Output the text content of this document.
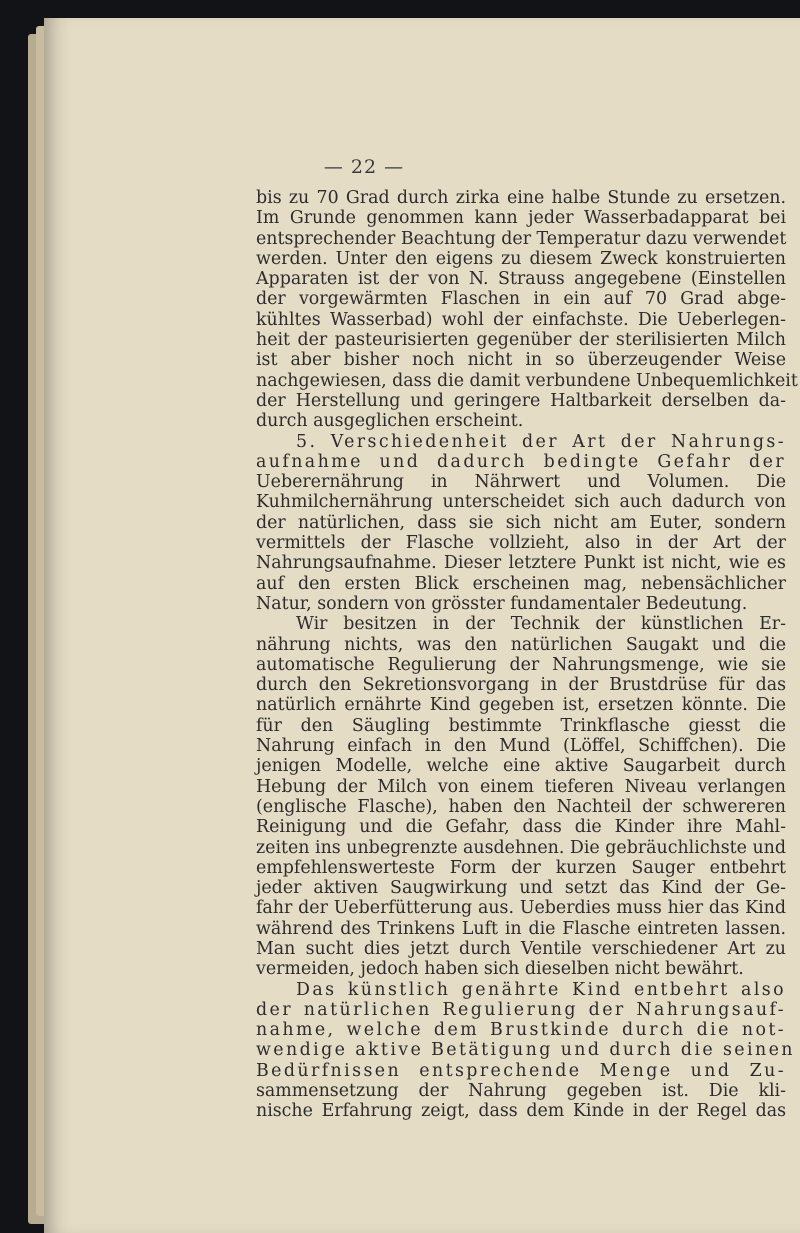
— 22 —
bis zu 70 Grad durch zirka eine halbe Stunde zu ersetzen.
Im Grunde genommen kann jeder Wasserbadapparat bei
entsprechender Beachtung der Temperatur dazu verwendet
werden. Unter den eigens zu diesem Zweck konstruierten
Apparaten ist der von N. Strauss angegebene (Einstellen
der vorgewärmten Flaschen in ein auf 70 Grad abge-
kühltes Wasserbad) wohl der einfachste. Die Ueberlegen-
heit der pasteurisierten gegenüber der sterilisierten Milch
ist aber bisher noch nicht in so überzeugender Weise
nachgewiesen, dass die damit verbundene Unbequemlichkeit
der Herstellung und geringere Haltbarkeit derselben da-
durch ausgeglichen erscheint.
5. Verschiedenheit der Art der Nahrungs-
aufnahme und dadurch bedingte Gefahr der
Ueberernährung in Nährwert und Volumen. Die
Kuhmilchernährung unterscheidet sich auch dadurch von
der natürlichen, dass sie sich nicht am Euter, sondern
vermittels der Flasche vollzieht, also in der Art der
Nahrungsaufnahme. Dieser letztere Punkt ist nicht, wie es
auf den ersten Blick erscheinen mag, nebensächlicher
Natur, sondern von grösster fundamentaler Bedeutung.
Wir besitzen in der Technik der künstlichen Er-
nährung nichts, was den natürlichen Saugakt und die
automatische Regulierung der Nahrungsmenge, wie sie
durch den Sekretionsvorgang in der Brustdrüse für das
natürlich ernährte Kind gegeben ist, ersetzen könnte. Die
für den Säugling bestimmte Trinkflasche giesst die
Nahrung einfach in den Mund (Löffel, Schiffchen). Die
jenigen Modelle, welche eine aktive Saugarbeit durch
Hebung der Milch von einem tieferen Niveau verlangen
(englische Flasche), haben den Nachteil der schwereren
Reinigung und die Gefahr, dass die Kinder ihre Mahl-
zeiten ins unbegrenzte ausdehnen. Die gebräuchlichste und
empfehlenswerteste Form der kurzen Sauger entbehrt
jeder aktiven Saugwirkung und setzt das Kind der Ge-
fahr der Ueberfütterung aus. Ueberdies muss hier das Kind
während des Trinkens Luft in die Flasche eintreten lassen.
Man sucht dies jetzt durch Ventile verschiedener Art zu
vermeiden, jedoch haben sich dieselben nicht bewährt.
Das künstlich genährte Kind entbehrt also
der natürlichen Regulierung der Nahrungsauf-
nahme, welche dem Brustkinde durch die not-
wendige aktive Betätigung und durch die seinen
Bedürfnissen entsprechende Menge und Zu-
sammensetzung der Nahrung gegeben ist. Die kli-
nische Erfahrung zeigt, dass dem Kinde in der Regel das
